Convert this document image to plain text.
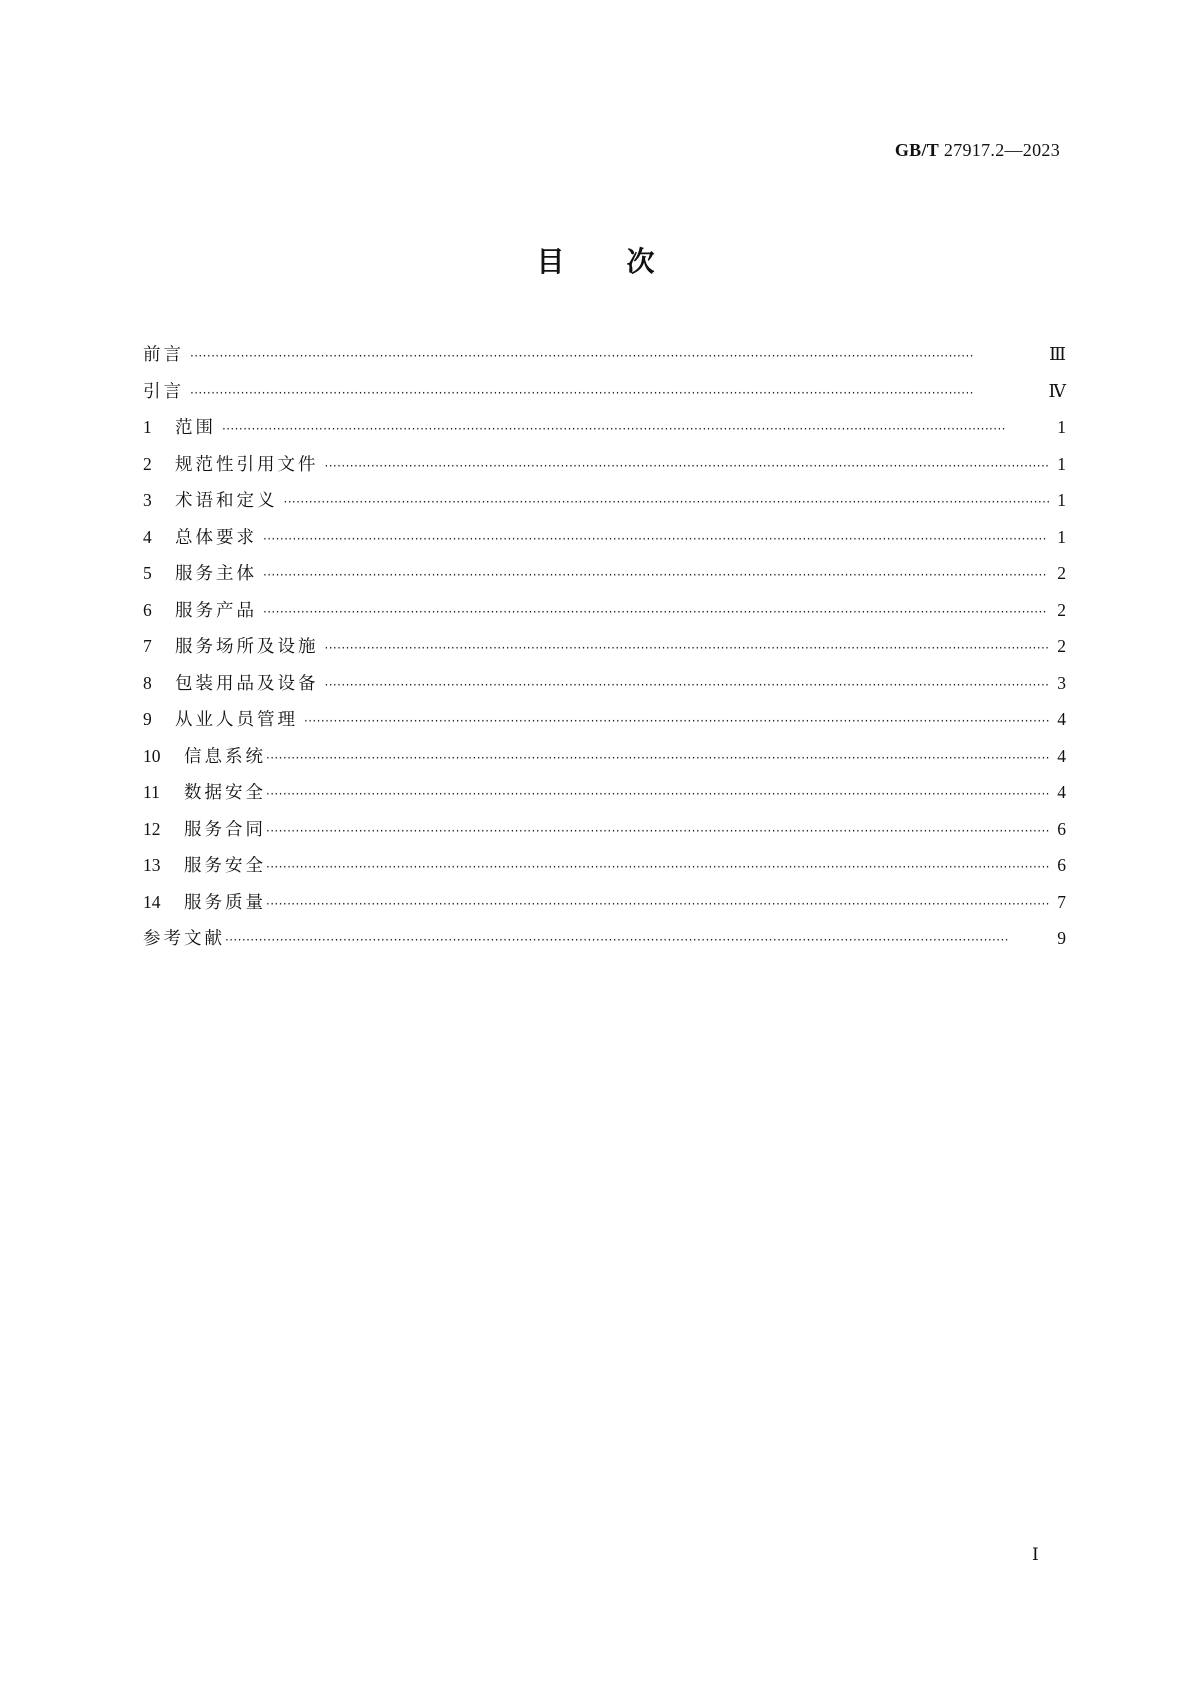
GB/T 27917.2—2023
目次
前言 ·····	Ⅲ
引言 ·····	Ⅳ
1	范围 ·····	1
2	规范性引用文件 ·····	1
3	术语和定义 ·····	1
4	总体要求 ·····	1
5	服务主体 ·····	2
6	服务产品 ·····	2
7	服务场所及设施 ·····	2
8	包装用品及设备 ·····	3
9	从业人员管理 ·····	4
10	信息系统 ·····	4
11	数据安全 ·····	4
12	服务合同 ·····	6
13	服务安全 ·····	6
14	服务质量 ·····	7
参考文献 ·····	9
Ⅰ
